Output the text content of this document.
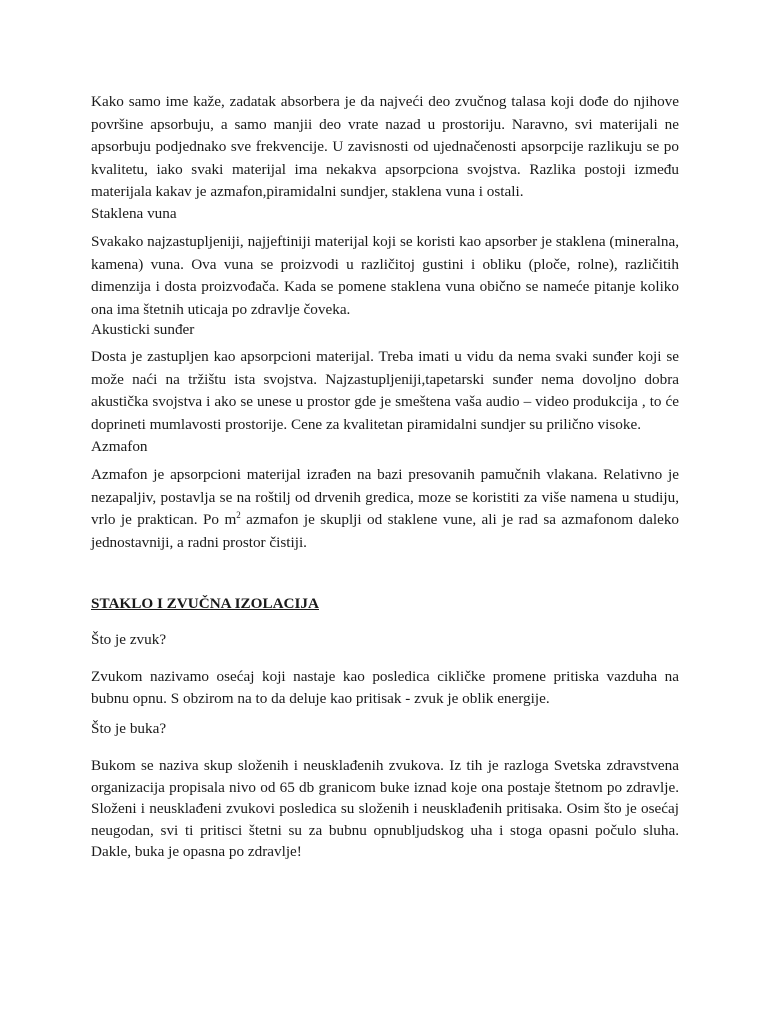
Kako samo ime kaže, zadatak absorbera je da najveći deo zvučnog talasa koji dođe do njihove površine apsorbuju, a samo manjii deo vrate nazad u prostoriju. Naravno, svi materijali ne apsorbuju podjednako sve frekvencije. U zavisnosti od ujednačenosti apsorpcije razlikuju se po kvalitetu, iako svaki materijal ima nekakva apsorpciona svojstva. Razlika postoji između materijala kakav je azmafon,piramidalni sundjer, staklena vuna i ostali.

Staklena vuna

Svakako najzastupljeniji, najjeftiniji materijal koji se koristi kao apsorber je staklena (mineralna, kamena) vuna. Ova vuna se proizvodi u različitoj gustini i obliku (ploče, rolne), različitih dimenzija i dosta proizvođača. Kada se pomene staklena vuna obično se nameće pitanje koliko ona ima štetnih uticaja po zdravlje čoveka.

Akusticki sunđer

Dosta je zastupljen kao apsorpcioni materijal. Treba imati u vidu da nema svaki sunđer koji se može naći na tržištu ista svojstva. Najzastupljeniji,tapetarski sunđer nema dovoljno dobra akustička svojstva i ako se unese u prostor gde je smeštena vaša audio – video produkcija , to će doprineti mumlavosti prostorije. Cene za kvalitetan piramidalni sundjer su prilično visoke.

Azmafon

Azmafon je apsorpcioni materijal izrađen na bazi presovanih pamučnih vlakana. Relativno je nezapaljiv, postavlja se na roštilj od drvenih gredica, moze se koristiti za više namena u studiju, vrlo je praktican. Po $m^2$ azmafon je skuplji od staklene vune, ali je rad sa azmafonom daleko jednostavniji, a radni prostor čistiji.

STAKLO I ZVUČNA IZOLACIJA

Što je zvuk?

Zvukom nazivamo osećaj koji nastaje kao posledica cikličke promene pritiska vazduha na bubnu opnu. S obzirom na to da deluje kao pritisak - zvuk je oblik energije.

Što je buka?

Bukom se naziva skup složenih i neusklađenih zvukova. Iz tih je razloga Svetska zdravstvena organizacija propisala nivo od 65 db granicom buke iznad koje ona postaje štetnom po zdravlje. Složeni i neusklađeni zvukovi posledica su složenih i neusklađenih pritisaka. Osim što je osećaj neugodan, svi ti pritisci štetni su za bubnu opnubljudskog uha i stoga opasni počulo sluha. Dakle, buka je opasna po zdravlje!
